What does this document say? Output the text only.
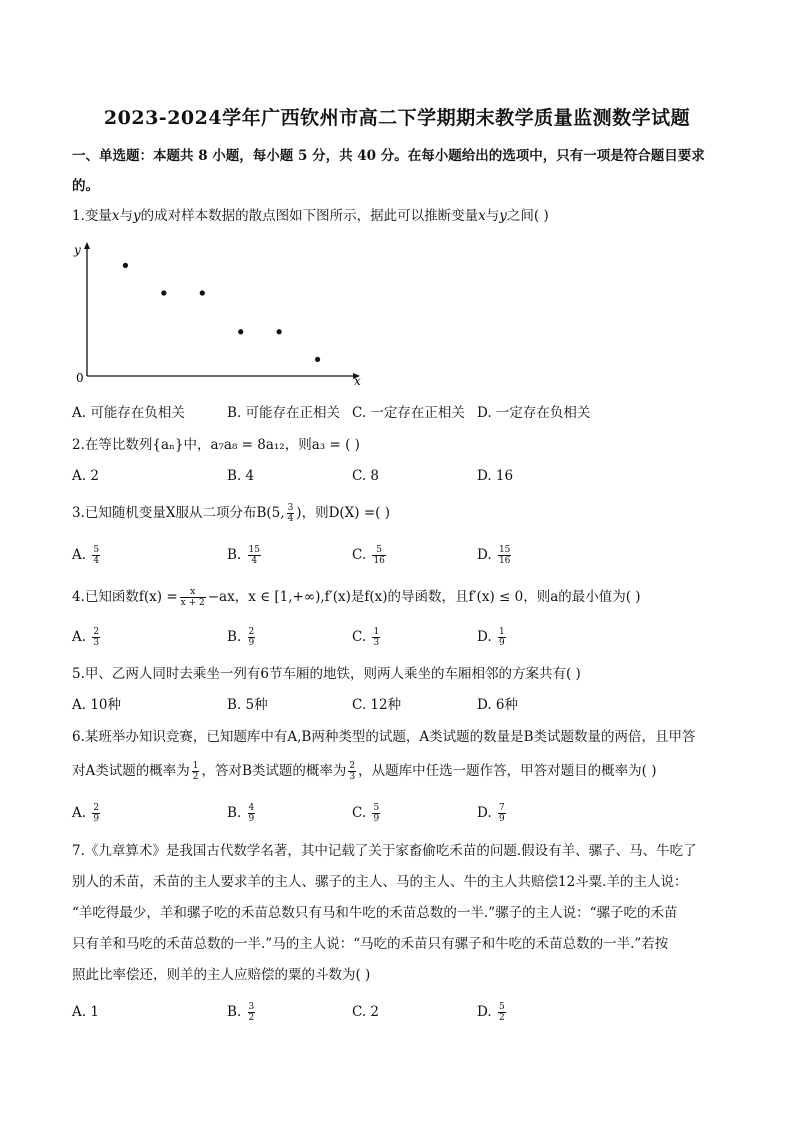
2023-2024学年广西钦州市高二下学期期末教学质量监测数学试题
一、单选题：本题共 8 小题，每小题 5 分，共 40 分。在每小题给出的选项中，只有一项是符合题目要求
的。
1.变量x与y的成对样本数据的散点图如下图所示，据此可以推断变量x与y之间( )
y
x
0
A. 可能存在负相关	B. 可能存在正相关 C. 一定存在正相关 D. 一定存在负相关
2.在等比数列{aₙ}中，a₇a₈ = 8a₁₂，则a₃ = ( )
A. 2	B. 4	C. 8	D. 16
3.已知随机变量X服从二项分布B(5, $\frac{3}{4}$ )，则D(X) =( )
A. $\frac{5}{4}$	B. $\frac{15}{4}$	C. $\frac{5}{16}$	D. $\frac{15}{16}$
4.已知函数$f(x) = \frac{x}{x + 2} -ax$，x ∈ [1,+∞),f′(x)是f(x)的导函数，且f′(x) ≤ 0，则a的最小值为( )
A. $\frac{2}{3}$	B. $\frac{2}{9}$	C. $\frac{1}{3}$	D. $\frac{1}{9}$
5.甲、乙两人同时去乘坐一列有6节车厢的地铁，则两人乘坐的车厢相邻的方案共有( )
A. 10种	B. 5种	C. 12种	D. 6种
6.某班举办知识竞赛，已知题库中有A,B两种类型的试题，A类试题的数量是B类试题数量的两倍，且甲答
对A类试题的概率为 $\frac{1}{2}$ ，答对B类试题的概率为 $\frac{2}{3}$ ，从题库中任选一题作答，甲答对题目的概率为( )
A. $\frac{2}{9}$	B. $\frac{4}{9}$	C. $\frac{5}{9}$	D. $\frac{7}{9}$
7.《九章算术》是我国古代数学名著，其中记载了关于家畜偷吃禾苗的问题.假设有羊、骡子、马、牛吃了
别人的禾苗，禾苗的主人要求羊的主人、骡子的主人、马的主人、牛的主人共赔偿12斗粟.羊的主人说：
“羊吃得最少，羊和骡子吃的禾苗总数只有马和牛吃的禾苗总数的一半.”骡子的主人说：“骡子吃的禾苗
只有羊和马吃的禾苗总数的一半.”马的主人说：“马吃的禾苗只有骡子和牛吃的禾苗总数的一半.”若按
照此比率偿还，则羊的主人应赔偿的粟的斗数为( )
A. 1	B. $\frac{3}{2}$	C. 2	D. $\frac{5}{2}$
